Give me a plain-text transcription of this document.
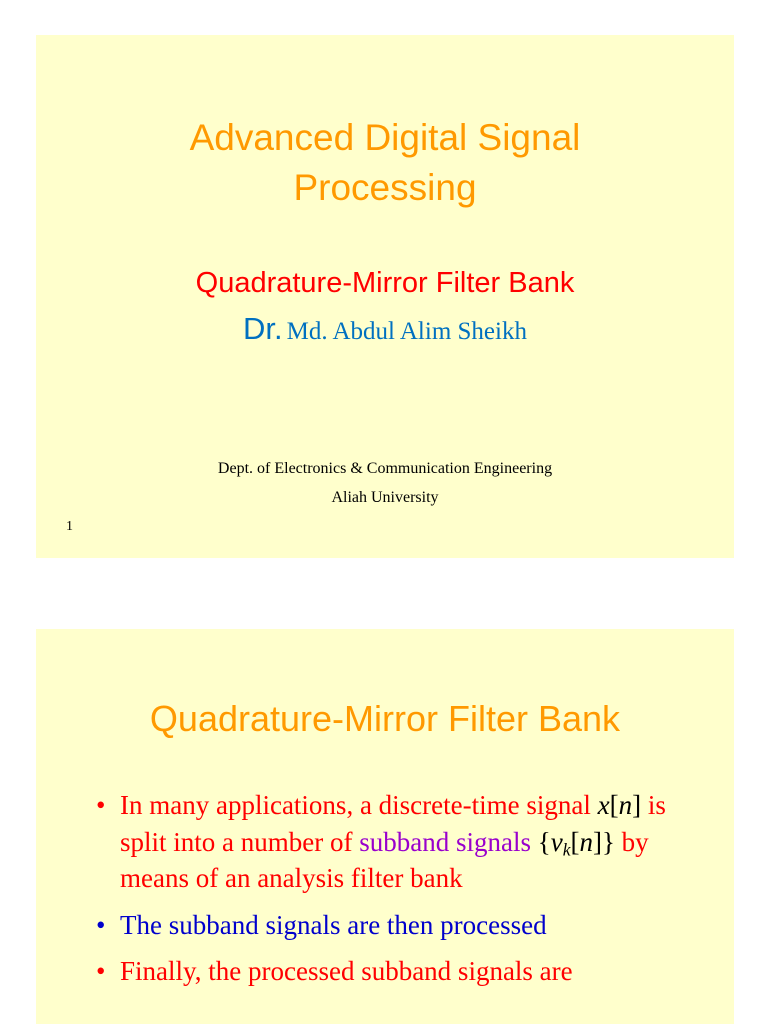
Advanced Digital Signal
Processing
Quadrature-Mirror Filter Bank
Dr. Md. Abdul Alim Sheikh
Dept. of Electronics & Communication Engineering
Aliah University
1
Quadrature-Mirror Filter Bank
• In many applications, a discrete-time signal x[n] is split into a number of subband signals $\{v_k[n]\}$ by means of an analysis filter bank
• The subband signals are then processed
• Finally, the processed subband signals are
